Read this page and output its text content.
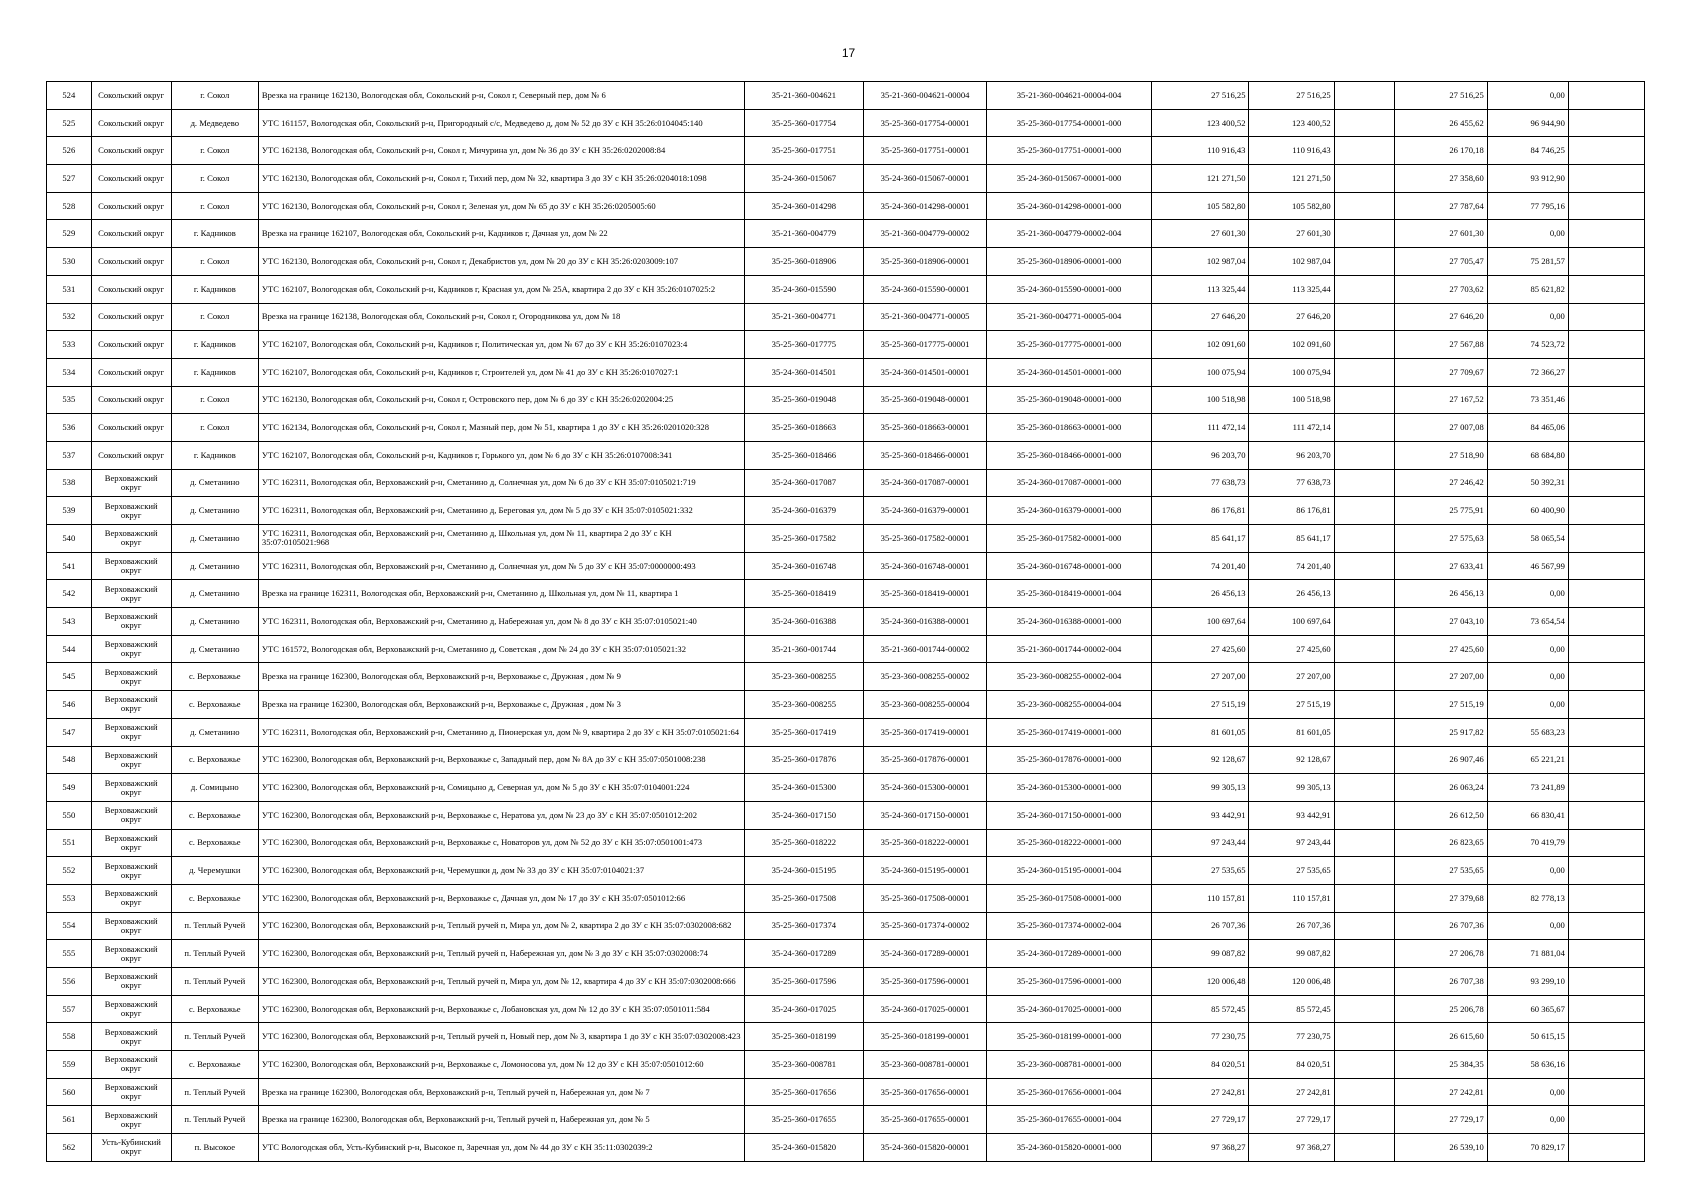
17
524	Сокольский округ	г. Сокол	Врезка на границе 162130, Вологодская обл, Сокольский р-н, Сокол г, Северный пер, дом № 6	35-21-360-004621	35-21-360-004621-00004	35-21-360-004621-00004-004	27 516,25	27 516,25		27 516,25	0,00	
525	Сокольский округ	д. Медведево	УТС 161157, Вологодская обл, Сокольский р-н, Пригородный с/с, Медведево д, дом № 52 до ЗУ с КН 35:26:0104045:140	35-25-360-017754	35-25-360-017754-00001	35-25-360-017754-00001-000	123 400,52	123 400,52		26 455,62	96 944,90	
526	Сокольский округ	г. Сокол	УТС 162138, Вологодская обл, Сокольский р-н, Сокол г, Мичурина ул, дом № 36 до ЗУ с КН 35:26:0202008:84	35-25-360-017751	35-25-360-017751-00001	35-25-360-017751-00001-000	110 916,43	110 916,43		26 170,18	84 746,25	
527	Сокольский округ	г. Сокол	УТС 162130, Вологодская обл, Сокольский р-н, Сокол г, Тихий пер, дом № 32, квартира 3 до ЗУ с КН 35:26:0204018:1098	35-24-360-015067	35-24-360-015067-00001	35-24-360-015067-00001-000	121 271,50	121 271,50		27 358,60	93 912,90	
528	Сокольский округ	г. Сокол	УТС 162130, Вологодская обл, Сокольский р-н, Сокол г, Зеленая ул, дом № 65 до ЗУ с КН 35:26:0205005:60	35-24-360-014298	35-24-360-014298-00001	35-24-360-014298-00001-000	105 582,80	105 582,80		27 787,64	77 795,16	
529	Сокольский округ	г. Кадников	Врезка на границе 162107, Вологодская обл, Сокольский р-н, Кадников г, Дачная ул, дом № 22	35-21-360-004779	35-21-360-004779-00002	35-21-360-004779-00002-004	27 601,30	27 601,30		27 601,30	0,00	
530	Сокольский округ	г. Сокол	УТС 162130, Вологодская обл, Сокольский р-н, Сокол г, Декабристов ул, дом № 20 до ЗУ с КН 35:26:0203009:107	35-25-360-018906	35-25-360-018906-00001	35-25-360-018906-00001-000	102 987,04	102 987,04		27 705,47	75 281,57	
531	Сокольский округ	г. Кадников	УТС 162107, Вологодская обл, Сокольский р-н, Кадников г, Красная ул, дом № 25А, квартира 2 до ЗУ с КН 35:26:0107025:2	35-24-360-015590	35-24-360-015590-00001	35-24-360-015590-00001-000	113 325,44	113 325,44		27 703,62	85 621,82	
532	Сокольский округ	г. Сокол	Врезка на границе 162138, Вологодская обл, Сокольский р-н, Сокол г, Огородникова ул, дом № 18	35-21-360-004771	35-21-360-004771-00005	35-21-360-004771-00005-004	27 646,20	27 646,20		27 646,20	0,00	
533	Сокольский округ	г. Кадников	УТС 162107, Вологодская обл, Сокольский р-н, Кадников г, Политическая ул, дом № 67 до ЗУ с КН 35:26:0107023:4	35-25-360-017775	35-25-360-017775-00001	35-25-360-017775-00001-000	102 091,60	102 091,60		27 567,88	74 523,72	
534	Сокольский округ	г. Кадников	УТС 162107, Вологодская обл, Сокольский р-н, Кадников г, Строителей ул, дом № 41 до ЗУ с КН 35:26:0107027:1	35-24-360-014501	35-24-360-014501-00001	35-24-360-014501-00001-000	100 075,94	100 075,94		27 709,67	72 366,27	
535	Сокольский округ	г. Сокол	УТС 162130, Вологодская обл, Сокольский р-н, Сокол г, Островского пер, дом № 6 до ЗУ с КН 35:26:0202004:25	35-25-360-019048	35-25-360-019048-00001	35-25-360-019048-00001-000	100 518,98	100 518,98		27 167,52	73 351,46	
536	Сокольский округ	г. Сокол	УТС 162134, Вологодская обл, Сокольский р-н, Сокол г, Мазный пер, дом № 51, квартира 1 до ЗУ с КН 35:26:0201020:328	35-25-360-018663	35-25-360-018663-00001	35-25-360-018663-00001-000	111 472,14	111 472,14		27 007,08	84 465,06	
537	Сокольский округ	г. Кадников	УТС 162107, Вологодская обл, Сокольский р-н, Кадников г, Горького ул, дом № 6 до ЗУ с КН 35:26:0107008:341	35-25-360-018466	35-25-360-018466-00001	35-25-360-018466-00001-000	96 203,70	96 203,70		27 518,90	68 684,80	
538	Верховажский округ	д. Сметанино	УТС 162311, Вологодская обл, Верховажский р-н, Сметанино д, Солнечная ул, дом № 6 до ЗУ с КН 35:07:0105021:719	35-24-360-017087	35-24-360-017087-00001	35-24-360-017087-00001-000	77 638,73	77 638,73		27 246,42	50 392,31	
539	Верховажский округ	д. Сметанино	УТС 162311, Вологодская обл, Верховажский р-н, Сметанино д, Береговая ул, дом № 5 до ЗУ с КН 35:07:0105021:332	35-24-360-016379	35-24-360-016379-00001	35-24-360-016379-00001-000	86 176,81	86 176,81		25 775,91	60 400,90	
540	Верховажский округ	д. Сметанино	УТС 162311, Вологодская обл, Верховажский р-н, Сметанино д, Школьная ул, дом № 11, квартира 2 до ЗУ с КН 35:07:0105021:968	35-25-360-017582	35-25-360-017582-00001	35-25-360-017582-00001-000	85 641,17	85 641,17		27 575,63	58 065,54	
541	Верховажский округ	д. Сметанино	УТС 162311, Вологодская обл, Верховажский р-н, Сметанино д, Солнечная ул, дом № 5 до ЗУ с КН 35:07:0000000:493	35-24-360-016748	35-24-360-016748-00001	35-24-360-016748-00001-000	74 201,40	74 201,40		27 633,41	46 567,99	
542	Верховажский округ	д. Сметанино	Врезка на границе 162311, Вологодская обл, Верховажский р-н, Сметанино д, Школьная ул, дом № 11, квартира 1	35-25-360-018419	35-25-360-018419-00001	35-25-360-018419-00001-004	26 456,13	26 456,13		26 456,13	0,00	
543	Верховажский округ	д. Сметанино	УТС 162311, Вологодская обл, Верховажский р-н, Сметанино д, Набережная ул, дом № 8 до ЗУ с КН 35:07:0105021:40	35-24-360-016388	35-24-360-016388-00001	35-24-360-016388-00001-000	100 697,64	100 697,64		27 043,10	73 654,54	
544	Верховажский округ	д. Сметанино	УТС 161572, Вологодская обл, Верховажский р-н, Сметанино д, Советская , дом № 24 до ЗУ с КН 35:07:0105021:32	35-21-360-001744	35-21-360-001744-00002	35-21-360-001744-00002-004	27 425,60	27 425,60		27 425,60	0,00	
545	Верховажский округ	с. Верховажье	Врезка на границе 162300, Вологодская обл, Верховажский р-н, Верховажье с, Дружная , дом № 9	35-23-360-008255	35-23-360-008255-00002	35-23-360-008255-00002-004	27 207,00	27 207,00		27 207,00	0,00	
546	Верховажский округ	с. Верховажье	Врезка на границе 162300, Вологодская обл, Верховажский р-н, Верховажье с, Дружная , дом № 3	35-23-360-008255	35-23-360-008255-00004	35-23-360-008255-00004-004	27 515,19	27 515,19		27 515,19	0,00	
547	Верховажский округ	д. Сметанино	УТС 162311, Вологодская обл, Верховажский р-н, Сметанино д, Пионерская ул, дом № 9, квартира 2 до ЗУ с КН 35:07:0105021:64	35-25-360-017419	35-25-360-017419-00001	35-25-360-017419-00001-000	81 601,05	81 601,05		25 917,82	55 683,23	
548	Верховажский округ	с. Верховажье	УТС 162300, Вологодская обл, Верховажский р-н, Верховажье с, Западный пер, дом № 8А до ЗУ с КН 35:07:0501008:238	35-25-360-017876	35-25-360-017876-00001	35-25-360-017876-00001-000	92 128,67	92 128,67		26 907,46	65 221,21	
549	Верховажский округ	д. Сомицыно	УТС 162300, Вологодская обл, Верховажский р-н, Сомицыно д, Северная ул, дом № 5 до ЗУ с КН 35:07:0104001:224	35-24-360-015300	35-24-360-015300-00001	35-24-360-015300-00001-000	99 305,13	99 305,13		26 063,24	73 241,89	
550	Верховажский округ	с. Верховажье	УТС 162300, Вологодская обл, Верховажский р-н, Верховажье с, Нератова ул, дом № 23 до ЗУ с КН 35:07:0501012:202	35-24-360-017150	35-24-360-017150-00001	35-24-360-017150-00001-000	93 442,91	93 442,91		26 612,50	66 830,41	
551	Верховажский округ	с. Верховажье	УТС 162300, Вологодская обл, Верховажский р-н, Верховажье с, Новаторов ул, дом № 52 до ЗУ с КН 35:07:0501001:473	35-25-360-018222	35-25-360-018222-00001	35-25-360-018222-00001-000	97 243,44	97 243,44		26 823,65	70 419,79	
552	Верховажский округ	д. Черемушки	УТС 162300, Вологодская обл, Верховажский р-н, Черемушки д, дом № 33 до ЗУ с КН 35:07:0104021:37	35-24-360-015195	35-24-360-015195-00001	35-24-360-015195-00001-004	27 535,65	27 535,65		27 535,65	0,00	
553	Верховажский округ	с. Верховажье	УТС 162300, Вологодская обл, Верховажский р-н, Верховажье с, Дачная ул, дом № 17 до ЗУ с КН 35:07:0501012:66	35-25-360-017508	35-25-360-017508-00001	35-25-360-017508-00001-000	110 157,81	110 157,81		27 379,68	82 778,13	
554	Верховажский округ	п. Теплый Ручей	УТС 162300, Вологодская обл, Верховажский р-н, Теплый ручей п, Мира ул, дом № 2, квартира 2 до ЗУ с КН 35:07:0302008:682	35-25-360-017374	35-25-360-017374-00002	35-25-360-017374-00002-004	26 707,36	26 707,36		26 707,36	0,00	
555	Верховажский округ	п. Теплый Ручей	УТС 162300, Вологодская обл, Верховажский р-н, Теплый ручей п, Набережная ул, дом № 3 до ЗУ с КН 35:07:0302008:74	35-24-360-017289	35-24-360-017289-00001	35-24-360-017289-00001-000	99 087,82	99 087,82		27 206,78	71 881,04	
556	Верховажский округ	п. Теплый Ручей	УТС 162300, Вологодская обл, Верховажский р-н, Теплый ручей п, Мира ул, дом № 12, квартира 4 до ЗУ с КН 35:07:0302008:666	35-25-360-017596	35-25-360-017596-00001	35-25-360-017596-00001-000	120 006,48	120 006,48		26 707,38	93 299,10	
557	Верховажский округ	с. Верховажье	УТС 162300, Вологодская обл, Верховажский р-н, Верховажье с, Лобановская ул, дом № 12 до ЗУ с КН 35:07:0501011:584	35-24-360-017025	35-24-360-017025-00001	35-24-360-017025-00001-000	85 572,45	85 572,45		25 206,78	60 365,67	
558	Верховажский округ	п. Теплый Ручей	УТС 162300, Вологодская обл, Верховажский р-н, Теплый ручей п, Новый пер, дом № 3, квартира 1 до ЗУ с КН 35:07:0302008:423	35-25-360-018199	35-25-360-018199-00001	35-25-360-018199-00001-000	77 230,75	77 230,75		26 615,60	50 615,15	
559	Верховажский округ	с. Верховажье	УТС 162300, Вологодская обл, Верховажский р-н, Верховажье с, Ломоносова ул, дом № 12 до ЗУ с КН 35:07:0501012:60	35-23-360-008781	35-23-360-008781-00001	35-23-360-008781-00001-000	84 020,51	84 020,51		25 384,35	58 636,16	
560	Верховажский округ	п. Теплый Ручей	Врезка на границе 162300, Вологодская обл, Верховажский р-н, Теплый ручей п, Набережная ул, дом № 7	35-25-360-017656	35-25-360-017656-00001	35-25-360-017656-00001-004	27 242,81	27 242,81		27 242,81	0,00	
561	Верховажский округ	п. Теплый Ручей	Врезка на границе 162300, Вологодская обл, Верховажский р-н, Теплый ручей п, Набережная ул, дом № 5	35-25-360-017655	35-25-360-017655-00001	35-25-360-017655-00001-004	27 729,17	27 729,17		27 729,17	0,00	
562	Усть-Кубинский округ	п. Высокое	УТС Вологодская обл, Усть-Кубинский р-н, Высокое п, Заречная ул, дом № 44 до ЗУ с КН 35:11:0302039:2	35-24-360-015820	35-24-360-015820-00001	35-24-360-015820-00001-000	97 368,27	97 368,27		26 539,10	70 829,17	
